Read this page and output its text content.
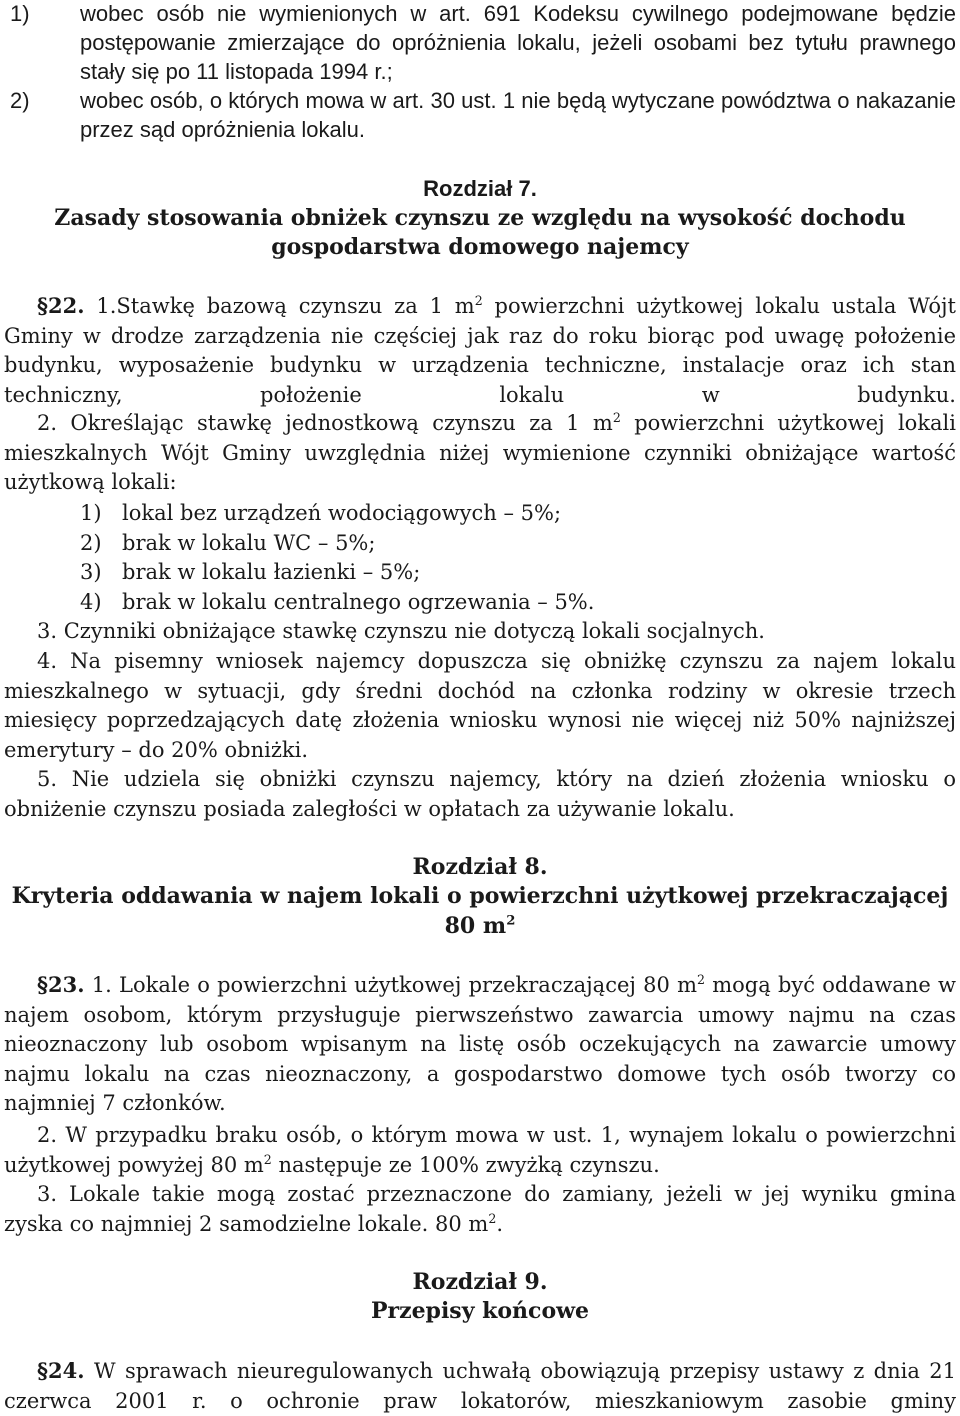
1) wobec osób nie wymienionych w art. 691 Kodeksu cywilnego podejmowane będzie postępowanie zmierzające do opróżnienia lokalu, jeżeli osobami bez tytułu prawnego stały się po 11 listopada 1994 r.;
2) wobec osób, o których mowa w art. 30 ust. 1 nie będą wytyczane powództwa o nakazanie przez sąd opróżnienia lokalu.
Rozdział 7.
Zasady stosowania obniżek czynszu ze względu na wysokość dochodu
gospodarstwa domowego najemcy
§22. 1.Stawkę bazową czynszu za 1 $m^2$ powierzchni użytkowej lokalu ustala Wójt Gminy w drodze zarządzenia nie częściej jak raz do roku biorąc pod uwagę położenie budynku, wyposażenie budynku w urządzenia techniczne, instalacje oraz ich stan techniczny, położenie lokalu w budynku.
2. Określając stawkę jednostkową czynszu za 1 $m^2$ powierzchni użytkowej lokali mieszkalnych Wójt Gminy uwzględnia niżej wymienione czynniki obniżające wartość użytkową lokali:
1) lokal bez urządzeń wodociągowych – 5%;
2) brak w lokalu WC – 5%;
3) brak w lokalu łazienki – 5%;
4) brak w lokalu centralnego ogrzewania – 5%.
3. Czynniki obniżające stawkę czynszu nie dotyczą lokali socjalnych.
4. Na pisemny wniosek najemcy dopuszcza się obniżkę czynszu za najem lokalu mieszkalnego w sytuacji, gdy średni dochód na członka rodziny w okresie trzech miesięcy poprzedzających datę złożenia wniosku wynosi nie więcej niż 50% najniższej emerytury – do 20% obniżki.
5. Nie udziela się obniżki czynszu najemcy, który na dzień złożenia wniosku o obniżenie czynszu posiada zaległości w opłatach za używanie lokalu.
Rozdział 8.
Kryteria oddawania w najem lokali o powierzchni użytkowej przekraczającej
80 $m^2$
§23. 1. Lokale o powierzchni użytkowej przekraczającej 80 $m^2$ mogą być oddawane w najem osobom, którym przysługuje pierwszeństwo zawarcia umowy najmu na czas nieoznaczony lub osobom wpisanym na listę osób oczekujących na zawarcie umowy najmu lokalu na czas nieoznaczony, a gospodarstwo domowe tych osób tworzy co najmniej 7 członków.
2. W przypadku braku osób, o którym mowa w ust. 1, wynajem lokalu o powierzchni użytkowej powyżej 80 $m^2$ następuje ze 100% zwyżką czynszu.
3. Lokale takie mogą zostać przeznaczone do zamiany, jeżeli w jej wyniku gmina zyska co najmniej 2 samodzielne lokale. 80 $m^2$.
Rozdział 9.
Przepisy końcowe
§24. W sprawach nieuregulowanych uchwałą obowiązują przepisy ustawy z dnia 21 czerwca 2001 r. o ochronie praw lokatorów, mieszkaniowym zasobie gminy
